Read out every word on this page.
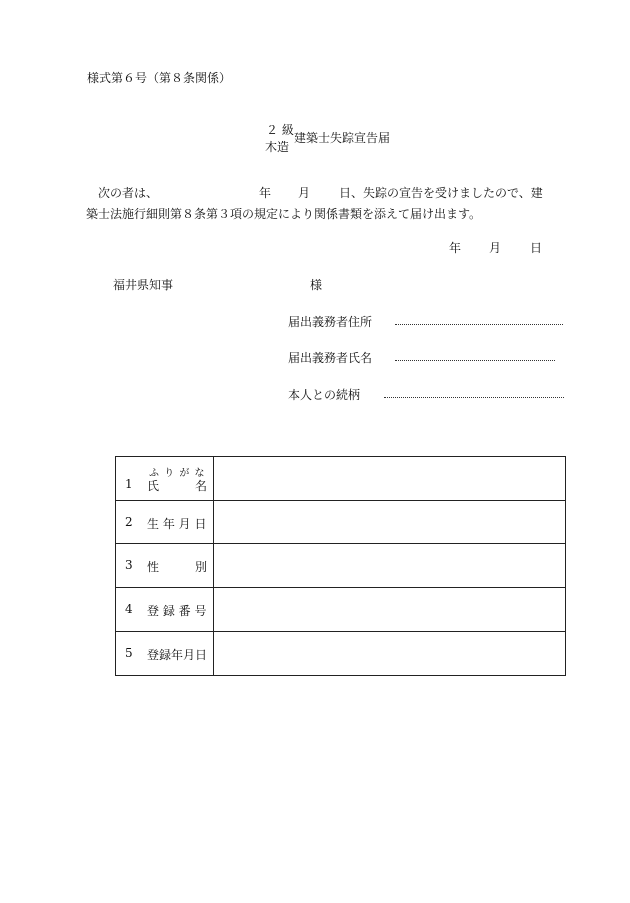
様式第６号（第８条関係）
２ 級
木造
建築士失踪宣告届
次の者は、	年 月 日、失踪の宣告を受けましたので、建
築士法施行細則第８条第３項の規定により関係書類を添えて届け出ます。
年 月 日
福井県知事	様
届出義務者住所
届出義務者氏名
本人との続柄
ふ り が な
1 氏 名	

2 生 年 月 日	

3 性 別	

4 登 録 番 号	

5 登録年月日	
